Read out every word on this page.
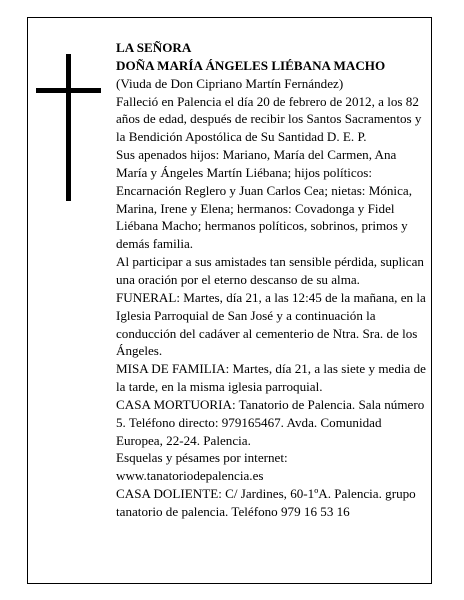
LA SEÑORA

DOÑA MARÍA ÁNGELES LIÉBANA MACHO

(Viuda de Don Cipriano Martín Fernández)

Falleció en Palencia el día 20 de febrero de 2012, a los 82 años de edad, después de recibir los Santos Sacramentos y la Bendición Apostólica de Su Santidad D. E. P.

Sus apenados hijos: Mariano, María del Carmen, Ana María y Ángeles Martín Liébana; hijos políticos: Encarnación Reglero y Juan Carlos Cea; nietas: Mónica, Marina, Irene y Elena; hermanos: Covadonga y Fidel Liébana Macho; hermanos políticos, sobrinos, primos y demás familia.

Al participar a sus amistades tan sensible pérdida, suplican una oración por el eterno descanso de su alma.

FUNERAL: Martes, día 21, a las 12:45 de la mañana, en la Iglesia Parroquial de San José y a continuación la conducción del cadáver al cementerio de Ntra. Sra. de los Ángeles.

MISA DE FAMILIA: Martes, día 21, a las siete y media de la tarde, en la misma iglesia parroquial.

CASA MORTUORIA: Tanatorio de Palencia. Sala número 5. Teléfono directo: 979165467. Avda. Comunidad Europea, 22-24. Palencia.

Esquelas y pésames por internet: www.tanatoriodepalencia.es

CASA DOLIENTE: C/ Jardines, 60-1ºA. Palencia. grupo tanatorio de palencia. Teléfono 979 16 53 16
